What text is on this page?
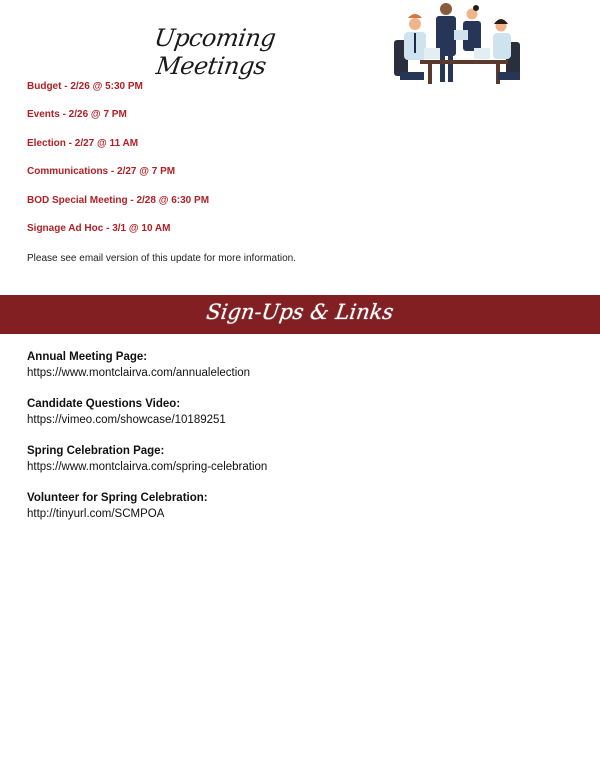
Upcoming Meetings
Budget - 2/26 @ 5:30 PM
Events - 2/26 @ 7 PM
Election - 2/27 @ 11 AM
Communications - 2/27 @ 7 PM
BOD Special Meeting - 2/28 @ 6:30 PM
Signage Ad Hoc - 3/1 @ 10 AM
Please see email version of this update for more information.
Sign-Ups & Links
Annual Meeting Page:
https://www.montclairva.com/annualelection
Candidate Questions Video:
https://vimeo.com/showcase/10189251
Spring Celebration Page:
https://www.montclairva.com/spring-celebration
Volunteer for Spring Celebration:
http://tinyurl.com/SCMPOA
